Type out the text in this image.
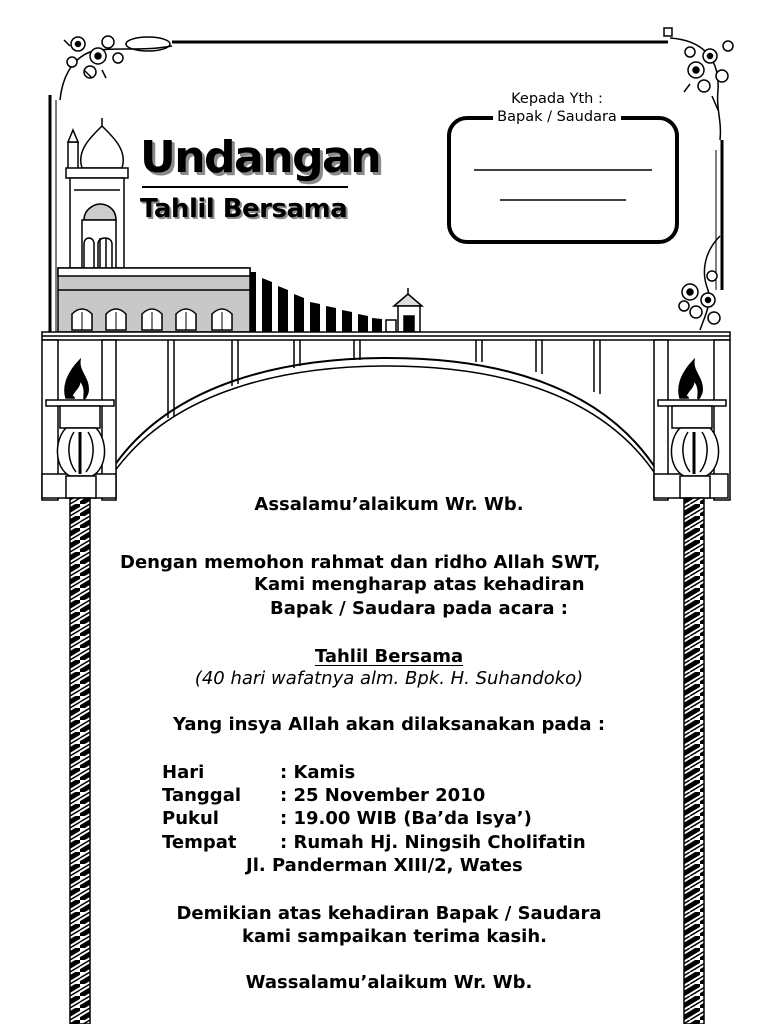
Undangan
Tahlil Bersama
Kepada Yth :
Bapak / Saudara
Assalamu’alaikum Wr. Wb.
Dengan memohon rahmat dan ridho Allah SWT,
Kami mengharap atas kehadiran
Bapak / Saudara pada acara :
Tahlil Bersama
(40 hari wafatnya alm. Bpk. H. Suhandoko)
Yang insya Allah akan dilaksanakan pada :
Hari	: Kamis
Tanggal : 25 November 2010
Pukul	: 19.00 WIB (Ba’da Isya’)
Tempat : Rumah Hj. Ningsih Cholifatin
Jl. Panderman XIII/2, Wates
Demikian atas kehadiran Bapak / Saudara
kami sampaikan terima kasih.
Wassalamu’alaikum Wr. Wb.
